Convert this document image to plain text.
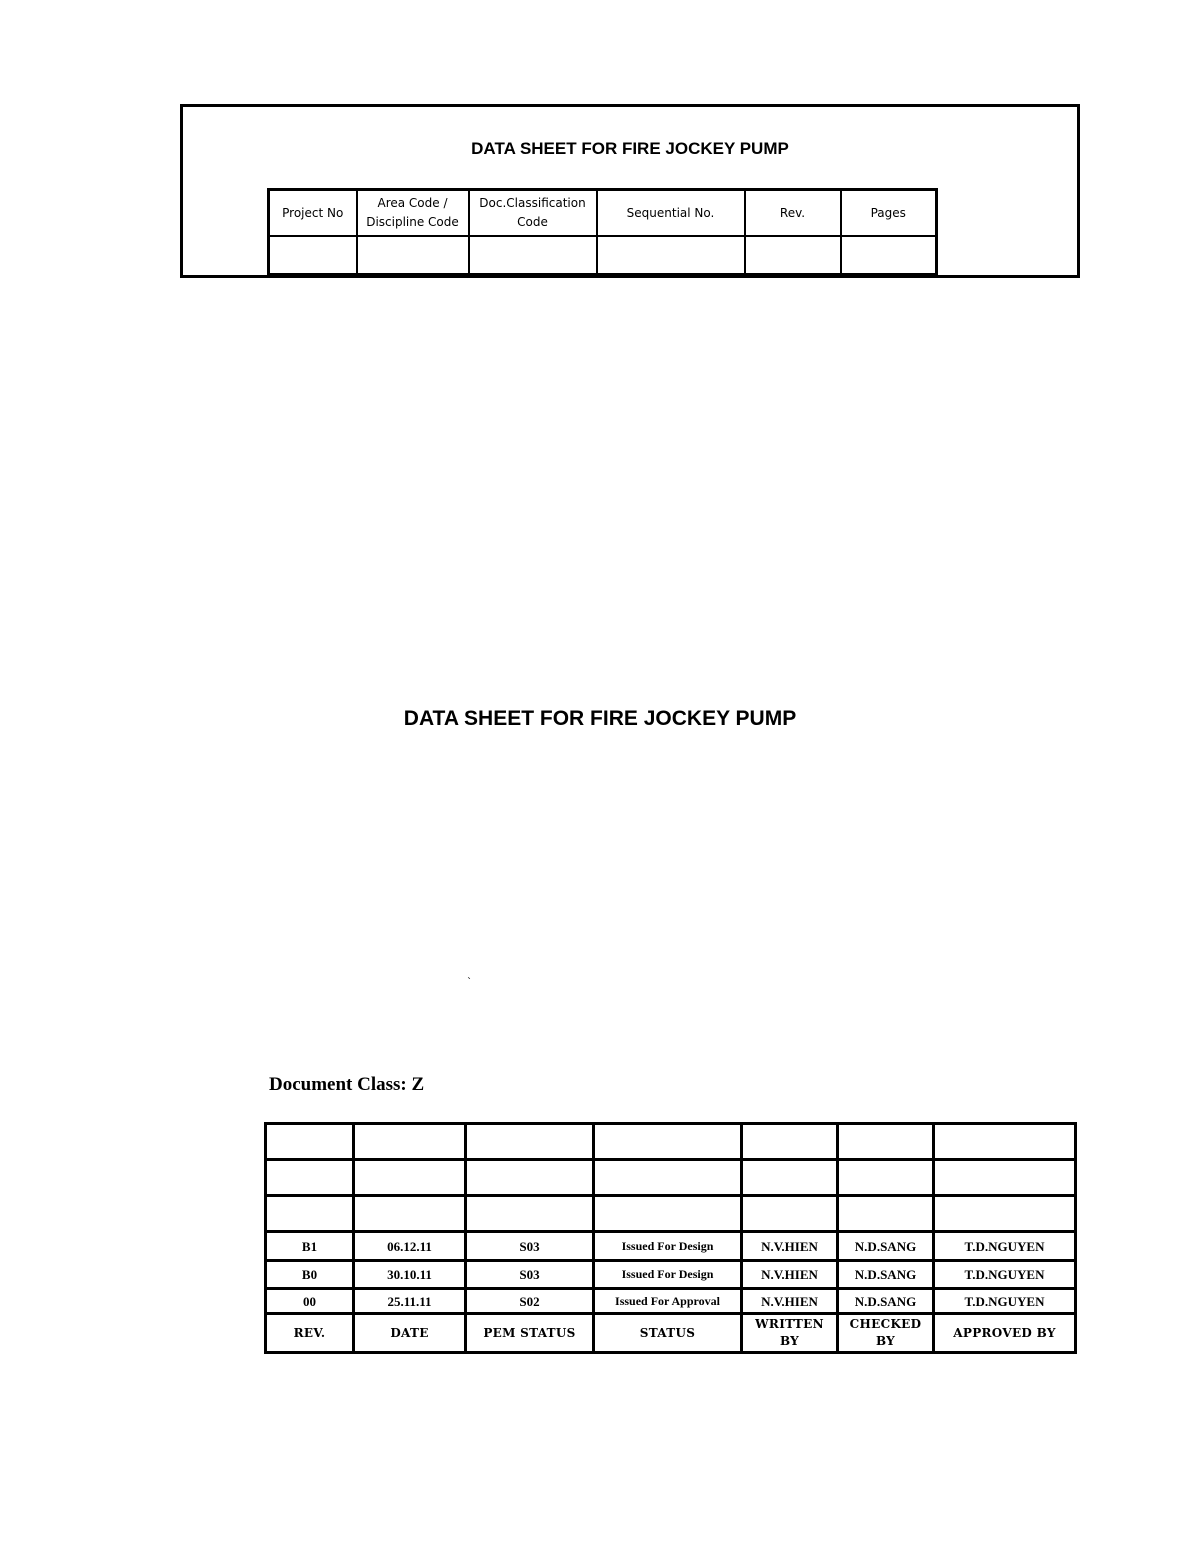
DATA SHEET FOR FIRE JOCKEY PUMP
Project No	Area Code / Discipline Code	Doc.Classification Code	Sequential No.	Rev.	Pages

DATA SHEET FOR FIRE JOCKEY PUMP
`
Document Class: Z

B1	06.12.11	S03	Issued For Design	N.V.HIEN	N.D.SANG	T.D.NGUYEN
B0	30.10.11	S03	Issued For Design	N.V.HIEN	N.D.SANG	T.D.NGUYEN
00	25.11.11	S02	Issued For Approval	N.V.HIEN	N.D.SANG	T.D.NGUYEN
REV.	DATE	PEM STATUS	STATUS	WRITTEN BY	CHECKED BY	APPROVED BY
